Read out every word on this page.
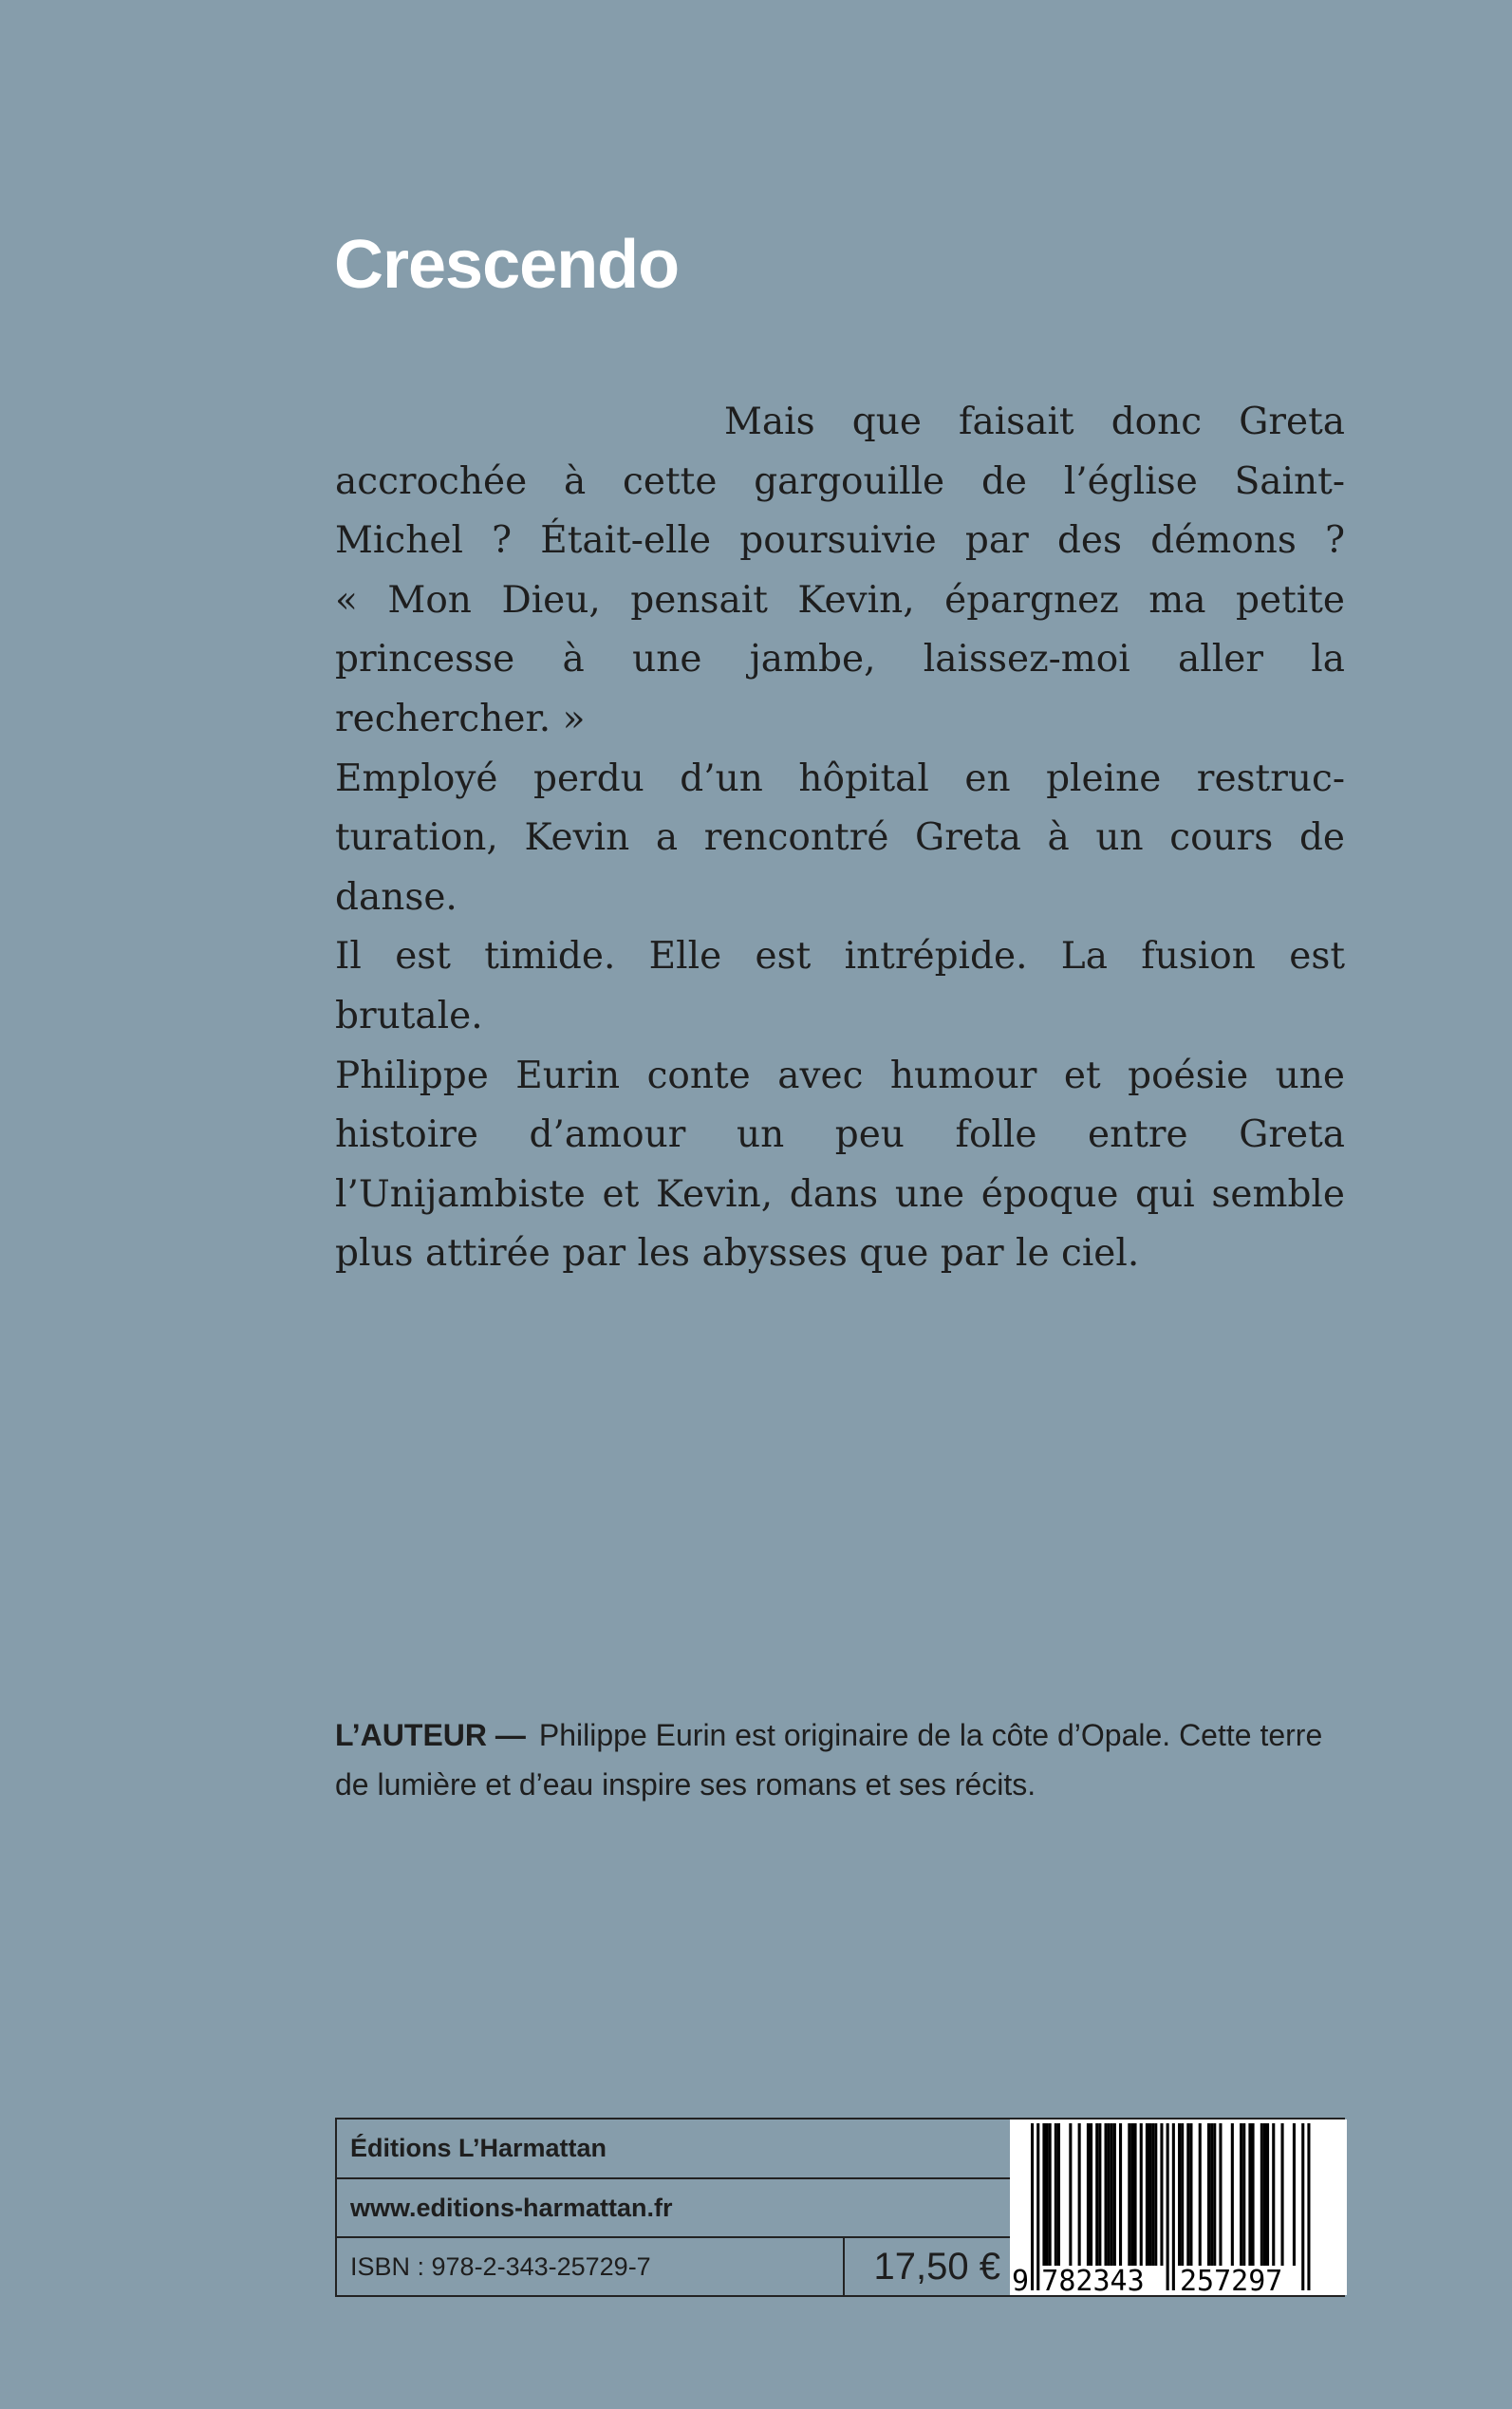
Crescendo
Mais que faisait donc Greta
accrochée à cette gargouille de l’église Saint-
Michel ? Était-elle poursuivie par des démons ?
« Mon Dieu, pensait Kevin, épargnez ma petite
princesse à une jambe, laissez-moi aller la
rechercher. »
Employé perdu d’un hôpital en pleine restruc-
turation, Kevin a rencontré Greta à un cours de
danse.
Il est timide. Elle est intrépide. La fusion est
brutale.
Philippe Eurin conte avec humour et poésie une
histoire d’amour un peu folle entre Greta
l’Unijambiste et Kevin, dans une époque qui semble
plus attirée par les abysses que par le ciel.
L’AUTEUR — Philippe Eurin est originaire de la côte d’Opale. Cette terre de lumière et d’eau inspire ses romans et ses récits.
Éditions L’Harmattan
www.editions-harmattan.fr
ISBN : 978-2-343-25729-7	17,50 € 9 782343 257297
